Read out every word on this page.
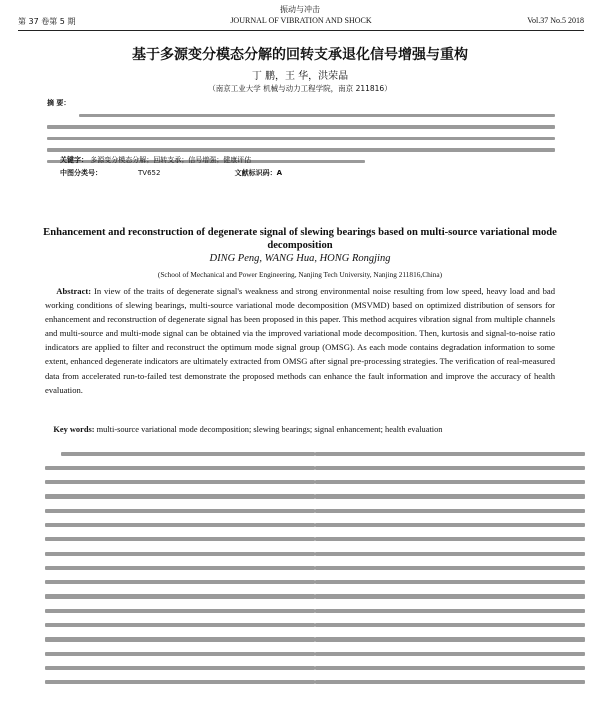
振动与冲击
第 37 卷第 5 期	JOURNAL OF VIBRATION AND SHOCK	Vol.37 No.5 2018
基于多源变分模态分解的回转支承退化信号增强与重构
丁 鹏，王 华，洪荣晶
（南京工业大学 机械与动力工程学院，南京 211816）
摘 要：
关键字： 多源变分模态分解；回转支承；信号增强；健康评估
中图分类号：	TV652	文献标识码：A
Enhancement and reconstruction of degenerate signal of slewing bearings based on multi-source variational mode decomposition
DING Peng, WANG Hua, HONG Rongjing
(School of Mechanical and Power Engineering, Nanjing Tech University, Nanjing 211816,China)
Abstract: In view of the traits of degenerate signal's weakness and strong environmental noise resulting from low speed, heavy load and bad working conditions of slewing bearings, multi-source variational mode decomposition (MSVMD) based on optimized distribution of sensors for enhancement and reconstruction of degenerate signal has been proposed in this paper. This method acquires vibration signal from multiple channels and multi-source and multi-mode signal can be obtained via the improved variational mode decomposition. Then, kurtosis and signal-to-noise ratio indicators are applied to filter and reconstruct the optimum mode signal group (OMSG). As each mode contains degradation information to some extent, enhanced degenerate indicators are ultimately extracted from OMSG after signal pre-processing strategies. The verification of real-measured data from accelerated run-to-failed test demonstrate the proposed methods can enhance the fault information and improve the accuracy of health evaluation.
Key words: multi-source variational mode decomposition; slewing bearings; signal enhancement; health evaluation
